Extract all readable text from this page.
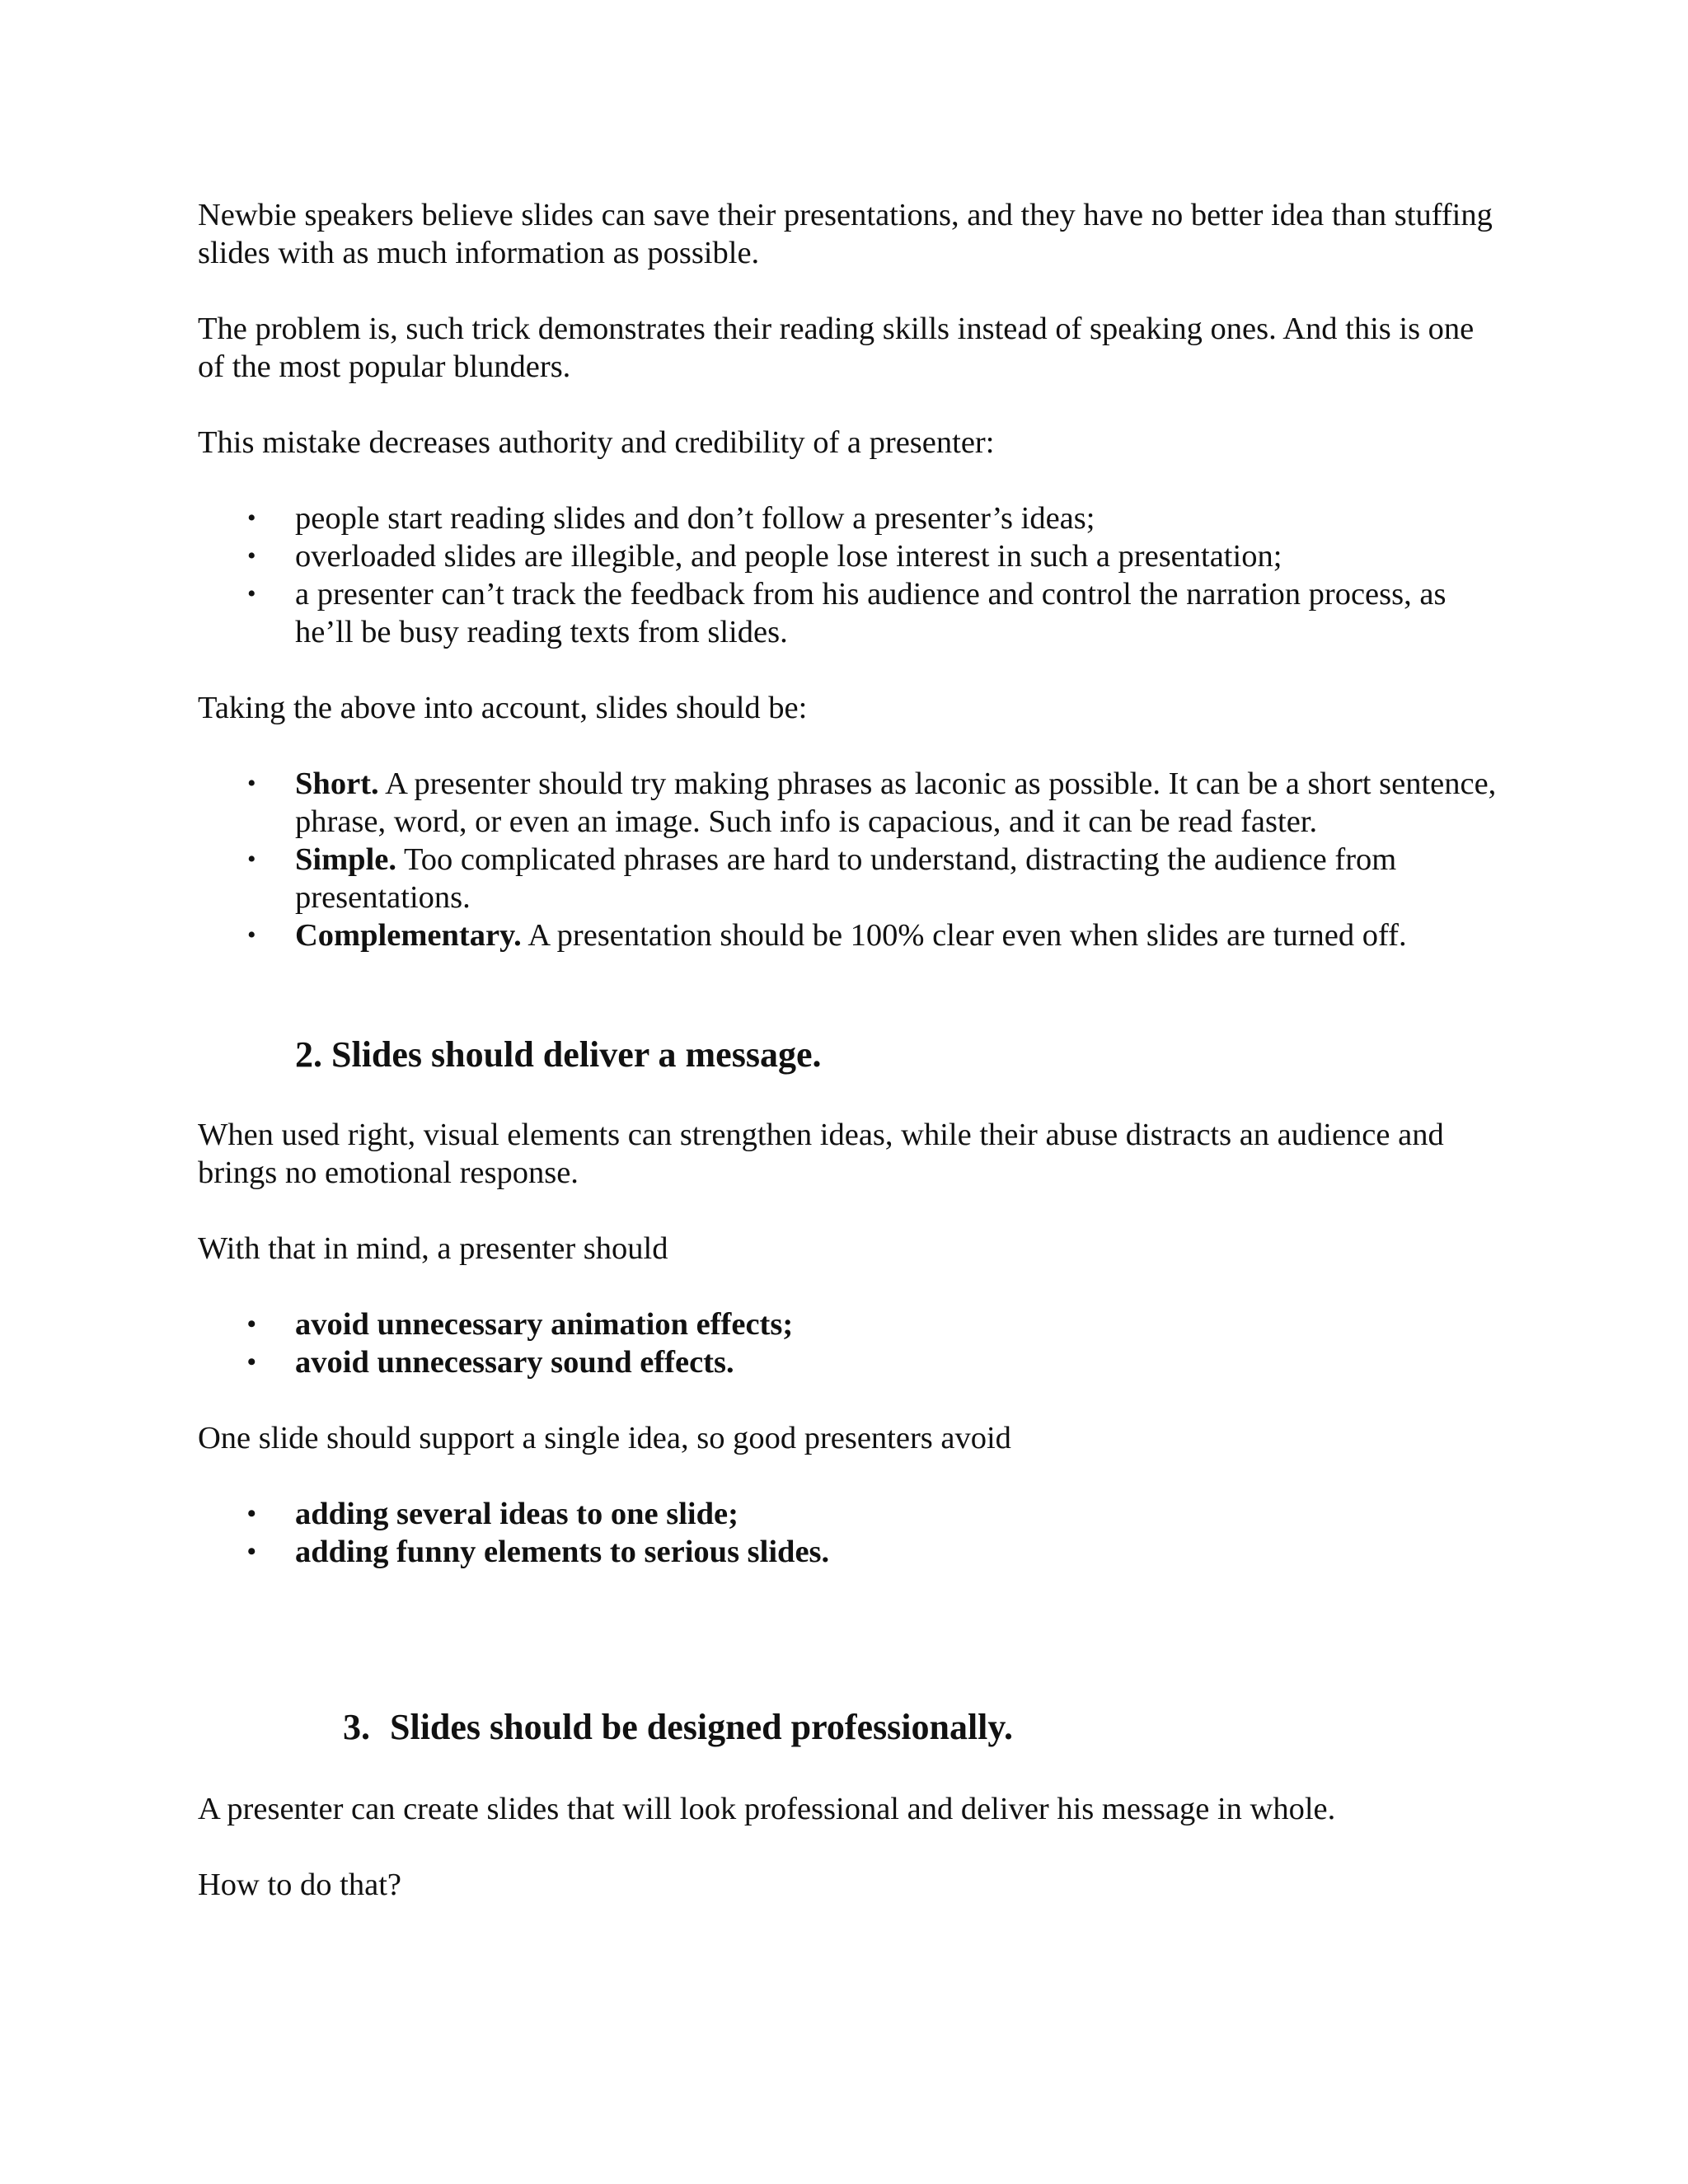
Newbie speakers believe slides can save their presentations, and they have no better idea than stuffing slides with as much information as possible.

The problem is, such trick demonstrates their reading skills instead of speaking ones. And this is one of the most popular blunders.

This mistake decreases authority and credibility of a presenter:

• people start reading slides and don’t follow a presenter’s ideas;
• overloaded slides are illegible, and people lose interest in such a presentation;
• a presenter can’t track the feedback from his audience and control the narration process, as he’ll be busy reading texts from slides.

Taking the above into account, slides should be:

• Short. A presenter should try making phrases as laconic as possible. It can be a short sentence, phrase, word, or even an image. Such info is capacious, and it can be read faster.
• Simple. Too complicated phrases are hard to understand, distracting the audience from presentations.
• Complementary. A presentation should be 100% clear even when slides are turned off.
2. Slides should deliver a message.

When used right, visual elements can strengthen ideas, while their abuse distracts an audience and brings no emotional response.

With that in mind, a presenter should

• avoid unnecessary animation effects;
• avoid unnecessary sound effects.

One slide should support a single idea, so good presenters avoid

• adding several ideas to one slide;
• adding funny elements to serious slides.
3. Slides should be designed professionally.

A presenter can create slides that will look professional and deliver his message in whole.

How to do that?
